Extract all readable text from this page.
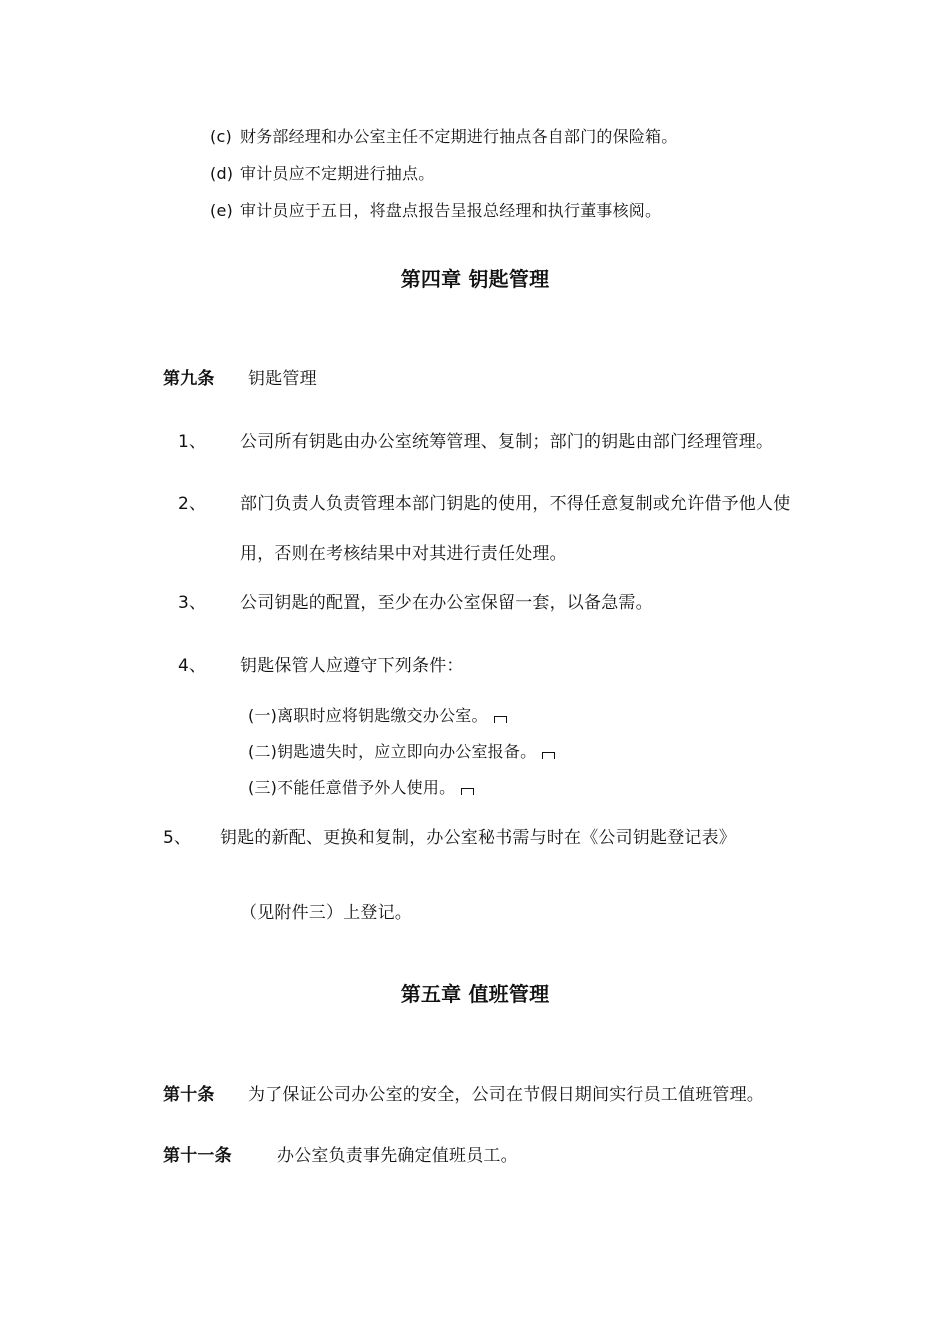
(c) 财务部经理和办公室主任不定期进行抽点各自部门的保险箱。
(d) 审计员应不定期进行抽点。
(e) 审计员应于五日，将盘点报告呈报总经理和执行董事核阅。
第四章 钥匙管理
第九条 钥匙管理
1、 公司所有钥匙由办公室统筹管理、复制；部门的钥匙由部门经理管理。
2、 部门负责人负责管理本部门钥匙的使用，不得任意复制或允许借予他人使
用，否则在考核结果中对其进行责任处理。
3、 公司钥匙的配置，至少在办公室保留一套，以备急需。
4、 钥匙保管人应遵守下列条件：
(一)离职时应将钥匙缴交办公室。
(二)钥匙遗失时，应立即向办公室报备。
(三)不能任意借予外人使用。
5、 钥匙的新配、更换和复制，办公室秘书需与时在《公司钥匙登记表》
（见附件三）上登记。
第五章 值班管理
第十条 为了保证公司办公室的安全，公司在节假日期间实行员工值班管理。
第十一条	办公室负责事先确定值班员工。
